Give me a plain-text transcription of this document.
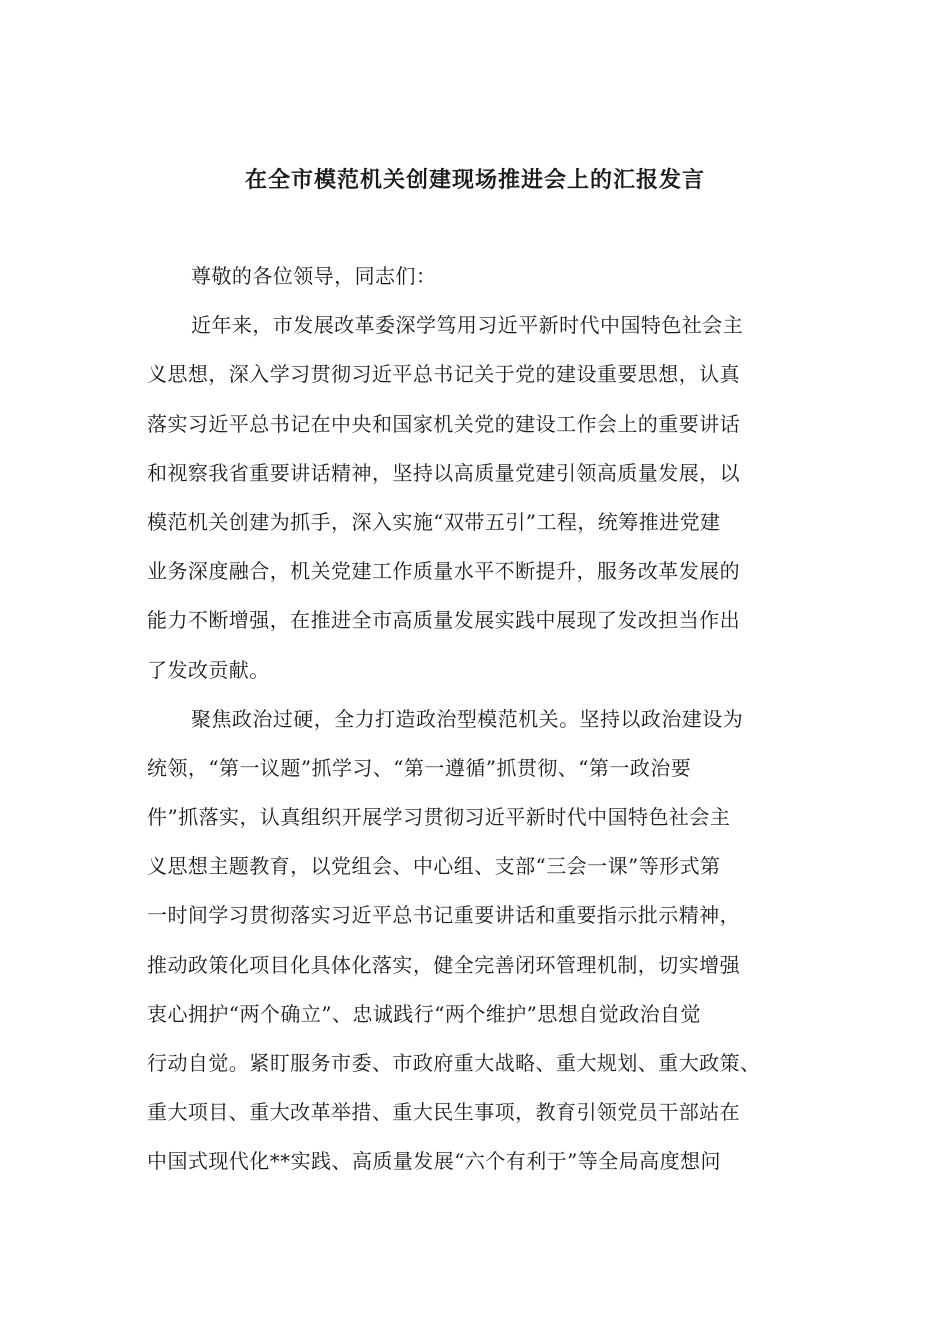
在全市模范机关创建现场推进会上的汇报发言
尊敬的各位领导，同志们：
近年来，市发展改革委深学笃用习近平新时代中国特色社会主
义思想，深入学习贯彻习近平总书记关于党的建设重要思想，认真
落实习近平总书记在中央和国家机关党的建设工作会上的重要讲话
和视察我省重要讲话精神，坚持以高质量党建引领高质量发展，以
模范机关创建为抓手，深入实施“双带五引”工程，统筹推进党建
业务深度融合，机关党建工作质量水平不断提升，服务改革发展的
能力不断增强，在推进全市高质量发展实践中展现了发改担当作出
了发改贡献。
聚焦政治过硬，全力打造政治型模范机关。坚持以政治建设为
统领，“第一议题”抓学习、“第一遵循”抓贯彻、“第一政治要
件”抓落实，认真组织开展学习贯彻习近平新时代中国特色社会主
义思想主题教育，以党组会、中心组、支部“三会一课”等形式第
一时间学习贯彻落实习近平总书记重要讲话和重要指示批示精神，
推动政策化项目化具体化落实，健全完善闭环管理机制，切实增强
衷心拥护“两个确立”、忠诚践行“两个维护”思想自觉政治自觉
行动自觉。紧盯服务市委、市政府重大战略、重大规划、重大政策、
重大项目、重大改革举措、重大民生事项，教育引领党员干部站在
中国式现代化**实践、高质量发展“六个有利于”等全局高度想问
